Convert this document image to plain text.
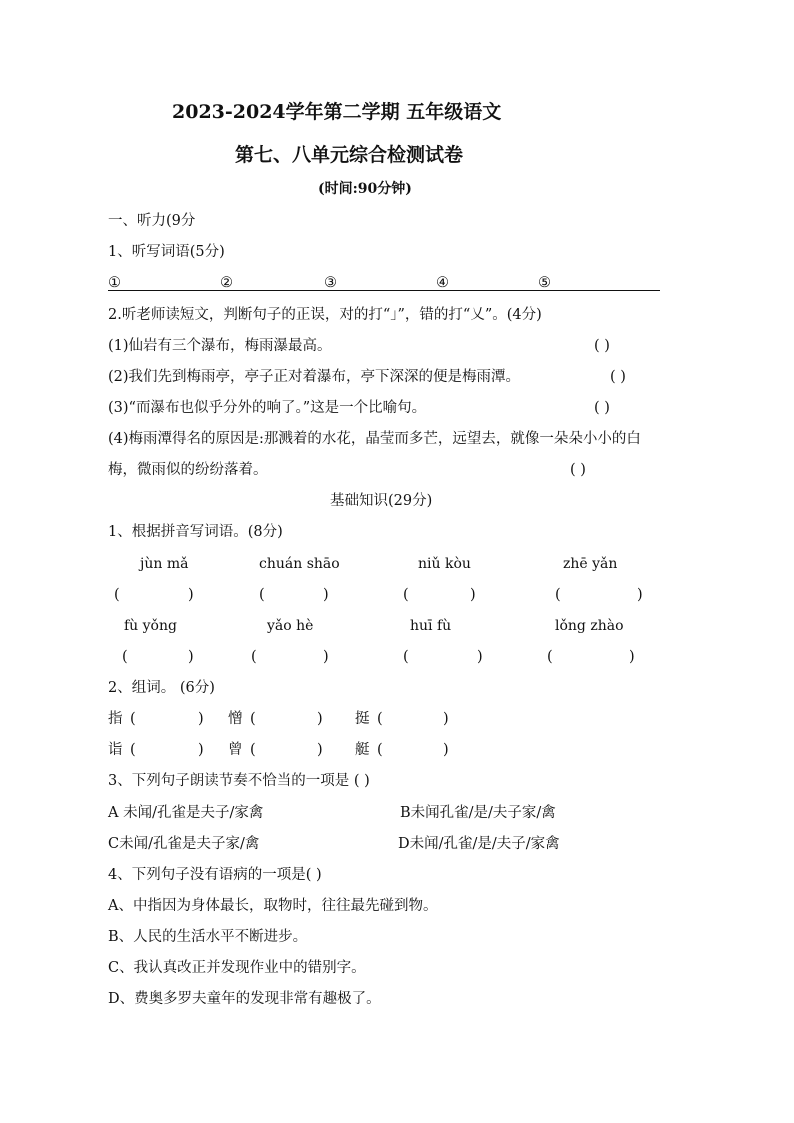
2023-2024学年第二学期 五年级语文
第七、八单元综合检测试卷
(时间:90分钟)
一、听力(9分
1、听写词语(5分)
①	②	③	④	⑤
2.听老师读短文，判断句子的正误，对的打“」”，错的打“乂”。(4分)
(1)仙岩有三个瀑布，梅雨瀑最高。	( )
(2)我们先到梅雨亭，亭子正对着瀑布，亭下深深的便是梅雨潭。	( )
(3)“而瀑布也似乎分外的响了。”这是一个比喻句。	( )
(4)梅雨潭得名的原因是:那溅着的水花，晶莹而多芒，远望去，就像一朵朵小小的白
梅，微雨似的纷纷落着。	( )
基础知识(29分)
1、根据拼音写词语。(8分)
jùn mǎ	chuán shāo	niǔ kòu	zhē yǎn
(	)	(	)	(	)	(	)
fù yǒng	yǎo hè	huī fù	lǒng zhào
(	)	(	)	(	)	(	)
2、组词。 (6分)
指 (	) 憎 (	) 挺 (	)
诣 (	) 曾 (	) 艇 (	)
3、下列句子朗读节奏不恰当的一项是 ( )
A 未闻/孔雀是夫子/家禽	B未闻孔雀/是/夫子家/禽
C未闻/孔雀是夫子家/禽	D未闻/孔雀/是/夫子/家禽
4、下列句子没有语病的一项是( )
A、中指因为身体最长，取物时，往往最先碰到物。
B、人民的生活水平不断进步。
C、我认真改正并发现作业中的错别字。
D、费奥多罗夫童年的发现非常有趣极了。
